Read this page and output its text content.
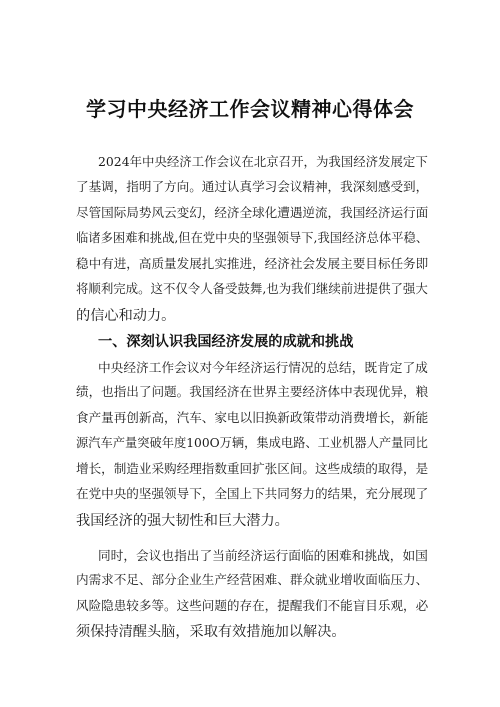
学习中央经济工作会议精神心得体会
2024年中央经济工作会议在北京召开，为我国经济发展定下
了基调，指明了方向。通过认真学习会议精神，我深刻感受到，
尽管国际局势风云变幻，经济全球化遭遇逆流，我国经济运行面
临诸多困难和挑战,但在党中央的坚强领导下,我国经济总体平稳、
稳中有进，高质量发展扎实推进，经济社会发展主要目标任务即
将顺利完成。这不仅令人备受鼓舞,也为我们继续前进提供了强大
的信心和动力。
一、深刻认识我国经济发展的成就和挑战
中央经济工作会议对今年经济运行情况的总结，既肯定了成
绩，也指出了问题。我国经济在世界主要经济体中表现优异，粮
食产量再创新高，汽车、家电以旧换新政策带动消费增长，新能
源汽车产量突破年度100O万辆，集成电路、工业机器人产量同比
增长，制造业采购经理指数重回扩张区间。这些成绩的取得，是
在党中央的坚强领导下，全国上下共同努力的结果，充分展现了
我国经济的强大韧性和巨大潜力。
同时，会议也指出了当前经济运行面临的困难和挑战，如国
内需求不足、部分企业生产经营困难、群众就业增收面临压力、
风险隐患较多等。这些问题的存在，提醒我们不能盲目乐观，必
须保持清醒头脑，采取有效措施加以解决。
